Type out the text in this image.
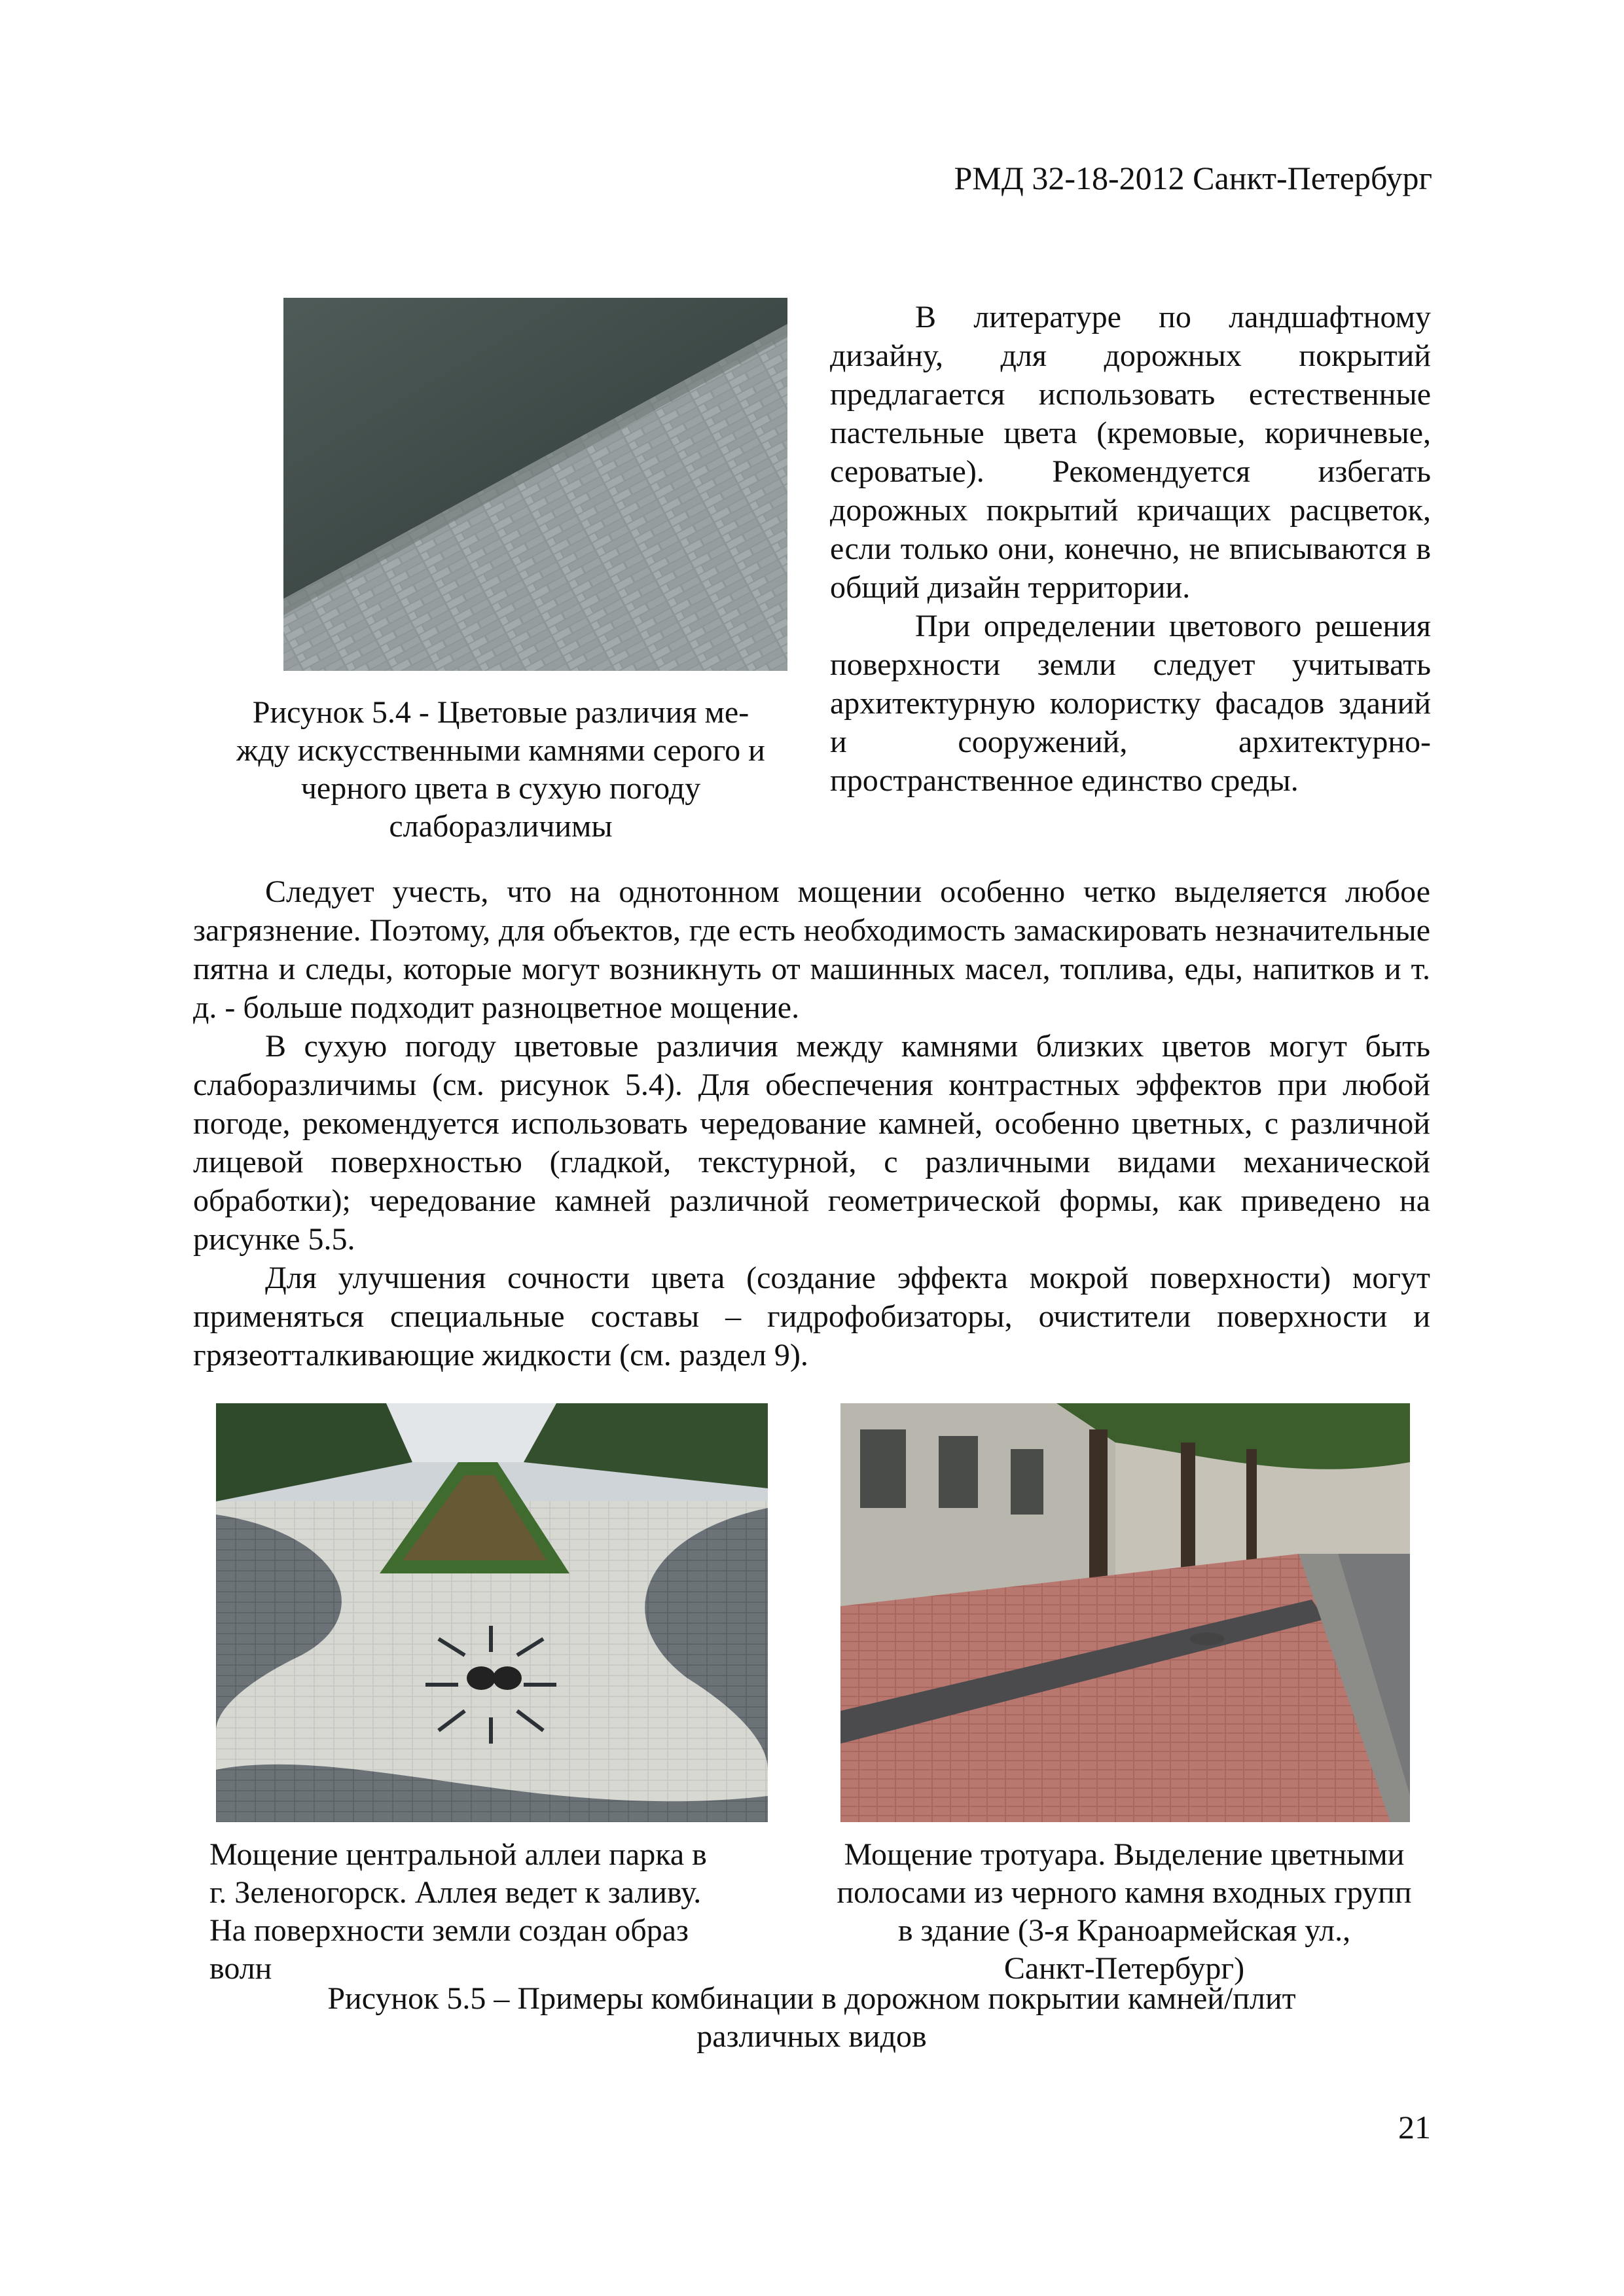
РМД 32-18-2012 Санкт-Петербург
Рисунок 5.4 - Цветовые различия ме-
жду искусственными камнями серого и
черного цвета в сухую погоду
слаборазличимы

В литературе по ландшафтному дизайну, для дорожных покрытий предлагается использовать естественные пастельные цвета (кремовые, коричневые, сероватые). Рекомендуется избегать дорожных покрытий кричащих расцветок, если только они, конечно, не вписываются в общий дизайн территории.

При определении цветового решения поверхности земли следует учитывать архитектурную колористку фасадов зданий и сооружений, архитектурно-пространственное единство среды.

Следует учесть, что на однотонном мощении особенно четко выделяется любое загрязнение. Поэтому, для объектов, где есть необходимость замаскировать незначительные пятна и следы, которые могут возникнуть от машинных масел, топлива, еды, напитков и т. д. - больше подходит разноцветное мощение.

В сухую погоду цветовые различия между камнями близких цветов могут быть слаборазличимы (см. рисунок 5.4). Для обеспечения контрастных эффектов при любой погоде, рекомендуется использовать чередование камней, особенно цветных, с различной лицевой поверхностью (гладкой, текстурной, с различными видами механической обработки); чередование камней различной геометрической формы, как приведено на рисунке 5.5.

Для улучшения сочности цвета (создание эффекта мокрой поверхности) могут применяться специальные составы – гидрофобизаторы, очистители поверхности и грязеотталкивающие жидкости (см. раздел 9).

Мощение центральной аллеи парка в
г. Зеленогорск. Аллея ведет к заливу.
На поверхности земли создан образ
волн
Мощение тротуара. Выделение цветными
полосами из черного камня входных групп
в здание (3-я Краноармейская ул.,
Санкт-Петербург)
Рисунок 5.5 – Примеры комбинации в дорожном покрытии камней/плит
различных видов
21
